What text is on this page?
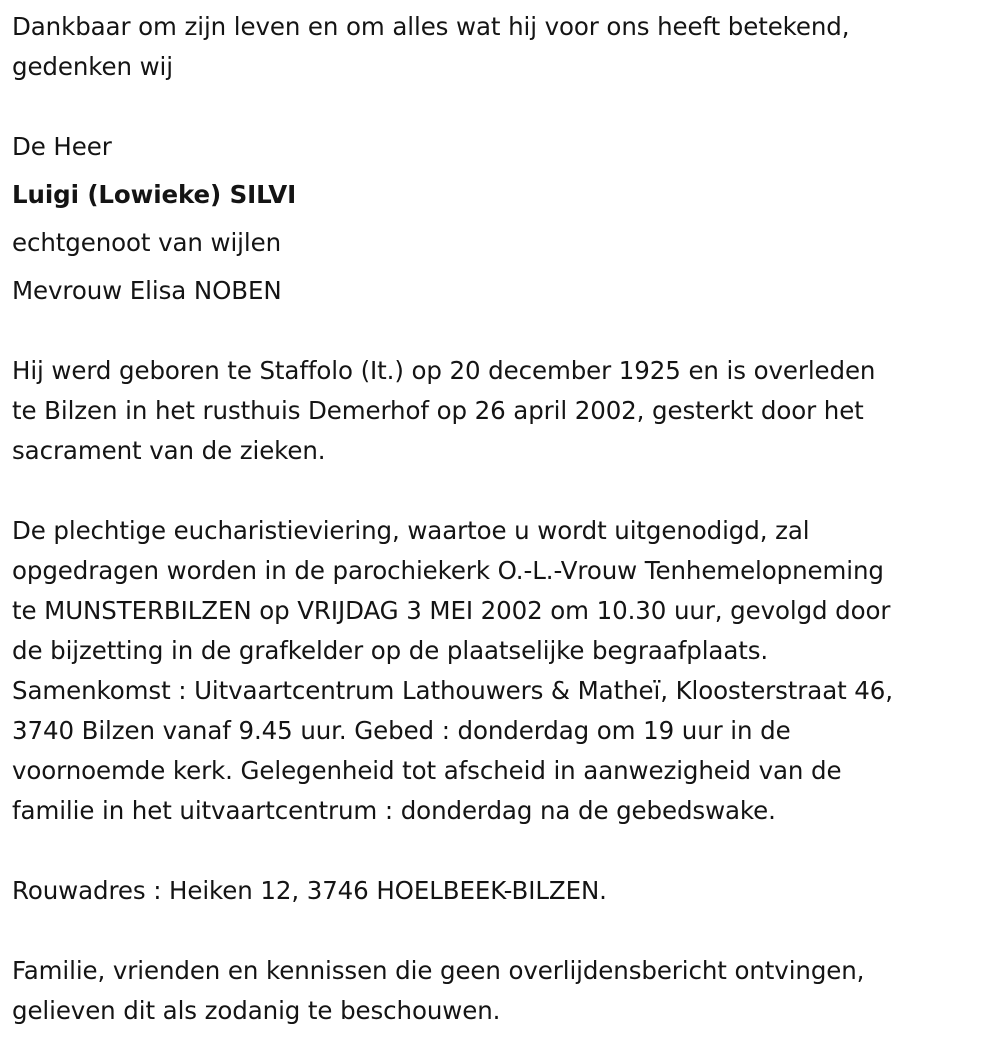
Dankbaar om zijn leven en om alles wat hij voor ons heeft betekend,
gedenken wij
De Heer
Luigi (Lowieke) SILVI
echtgenoot van wijlen
Mevrouw Elisa NOBEN
Hij werd geboren te Staffolo (It.) op 20 december 1925 en is overleden
te Bilzen in het rusthuis Demerhof op 26 april 2002, gesterkt door het
sacrament van de zieken.
De plechtige eucharistieviering, waartoe u wordt uitgenodigd, zal
opgedragen worden in de parochiekerk O.-L.-Vrouw Tenhemelopneming
te MUNSTERBILZEN op VRIJDAG 3 MEI 2002 om 10.30 uur, gevolgd door
de bijzetting in de grafkelder op de plaatselijke begraafplaats.
Samenkomst : Uitvaartcentrum Lathouwers & Matheï, Kloosterstraat 46,
3740 Bilzen vanaf 9.45 uur. Gebed : donderdag om 19 uur in de
voornoemde kerk. Gelegenheid tot afscheid in aanwezigheid van de
familie in het uitvaartcentrum : donderdag na de gebedswake.
Rouwadres : Heiken 12, 3746 HOELBEEK-BILZEN.
Familie, vrienden en kennissen die geen overlijdensbericht ontvingen,
gelieven dit als zodanig te beschouwen.
